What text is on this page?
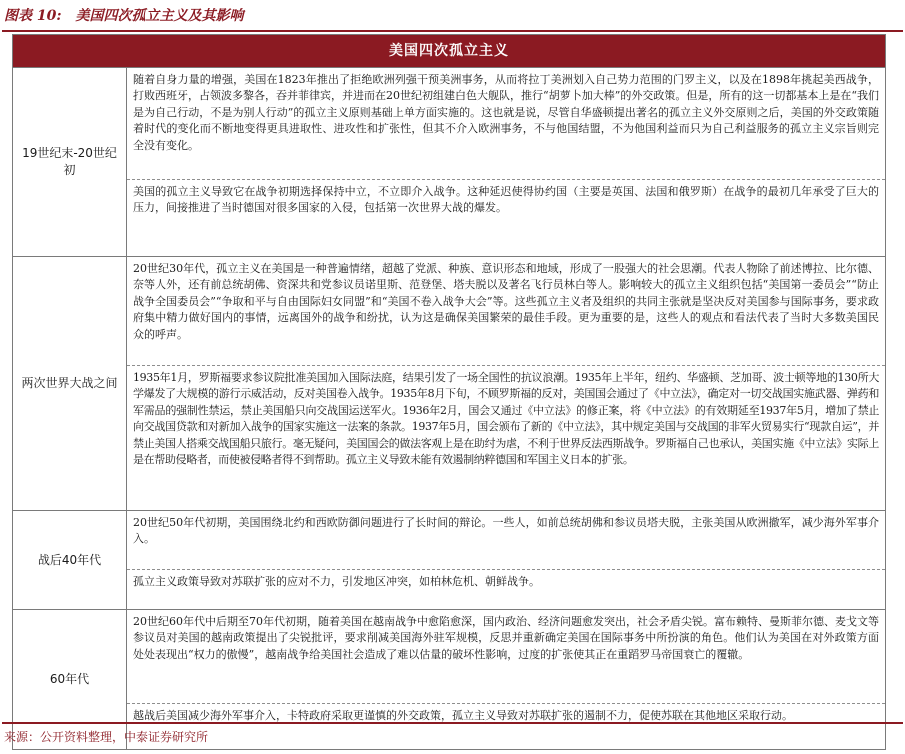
图表 10: 美国四次孤立主义及其影响
美国四次孤立主义
19世纪末-20世纪初
随着自身力量的增强，美国在1823年推出了拒绝欧洲列强干预美洲事务，从而将拉丁美洲划入自己势力范围的门罗主义，以及在1898年挑起美西战争，打败西班牙，占领波多黎各，吞并菲律宾，并进而在20世纪初组建白色大舰队，推行“胡萝卜加大棒”的外交政策。但是，所有的这一切都基本上是在“我们是为自己行动，不是为别人行动”的孤立主义原则基础上单方面实施的。这也就是说，尽管自华盛顿提出著名的孤立主义外交原则之后，美国的外交政策随着时代的变化而不断地变得更具进取性、进攻性和扩张性，但其不介入欧洲事务，不与他国结盟，不为他国利益而只为自己利益服务的孤立主义宗旨则完全没有变化。
美国的孤立主义导致它在战争初期选择保持中立，不立即介入战争。这种延迟使得协约国（主要是英国、法国和俄罗斯）在战争的最初几年承受了巨大的压力，间接推进了当时德国对很多国家的入侵，包括第一次世界大战的爆发。
两次世界大战之间
20世纪30年代，孤立主义在美国是一种普遍情绪，超越了党派、种族、意识形态和地域，形成了一股强大的社会思潮。代表人物除了前述博拉、比尔德、奈等人外，还有前总统胡佛、资深共和党参议员诺里斯、范登堡、塔夫脱以及著名飞行员林白等人。影响较大的孤立主义组织包括“美国第一委员会”“防止战争全国委员会”“争取和平与自由国际妇女同盟”和“美国不卷入战争大会”等。这些孤立主义者及组织的共同主张就是坚决反对美国参与国际事务，要求政府集中精力做好国内的事情，远离国外的战争和纷扰，认为这是确保美国繁荣的最佳手段。更为重要的是，这些人的观点和看法代表了当时大多数美国民众的呼声。
1935年1月，罗斯福要求参议院批准美国加入国际法庭，结果引发了一场全国性的抗议浪潮。1935年上半年，纽约、华盛顿、芝加哥、波士顿等地的130所大学爆发了大规模的游行示威活动，反对美国卷入战争。1935年8月下旬，不顾罗斯福的反对，美国国会通过了《中立法》，确定对一切交战国实施武器、弹药和军需品的强制性禁运，禁止美国船只向交战国运送军火。1936年2月，国会又通过《中立法》的修正案，将《中立法》的有效期延至1937年5月，增加了禁止向交战国贷款和对新加入战争的国家实施这一法案的条款。1937年5月，国会颁布了新的《中立法》，其中规定美国与交战国的非军火贸易实行“现款自运”，并禁止美国人搭乘交战国船只旅行。毫无疑问，美国国会的做法客观上是在助纣为虐，不利于世界反法西斯战争。罗斯福自己也承认，美国实施《中立法》实际上是在帮助侵略者，而使被侵略者得不到帮助。孤立主义导致未能有效遏制纳粹德国和军国主义日本的扩张。
战后40年代
20世纪50年代初期，美国围绕北约和西欧防御问题进行了长时间的辩论。一些人，如前总统胡佛和参议员塔夫脱，主张美国从欧洲撤军，减少海外军事介入。
孤立主义政策导致对苏联扩张的应对不力，引发地区冲突，如柏林危机、朝鲜战争。
60年代
20世纪60年代中后期至70年代初期，随着美国在越南战争中愈陷愈深，国内政治、经济问题愈发突出，社会矛盾尖锐。富布赖特、曼斯菲尔德、麦戈文等参议员对美国的越南政策提出了尖锐批评，要求削减美国海外驻军规模，反思并重新确定美国在国际事务中所扮演的角色。他们认为美国在对外政策方面处处表现出“权力的傲慢”，越南战争给美国社会造成了难以估量的破坏性影响，过度的扩张使其正在重蹈罗马帝国衰亡的覆辙。
越战后美国减少海外军事介入，卡特政府采取更谨慎的外交政策，孤立主义导致对苏联扩张的遏制不力，促使苏联在其他地区采取行动。
来源：公开资料整理，中泰证券研究所
